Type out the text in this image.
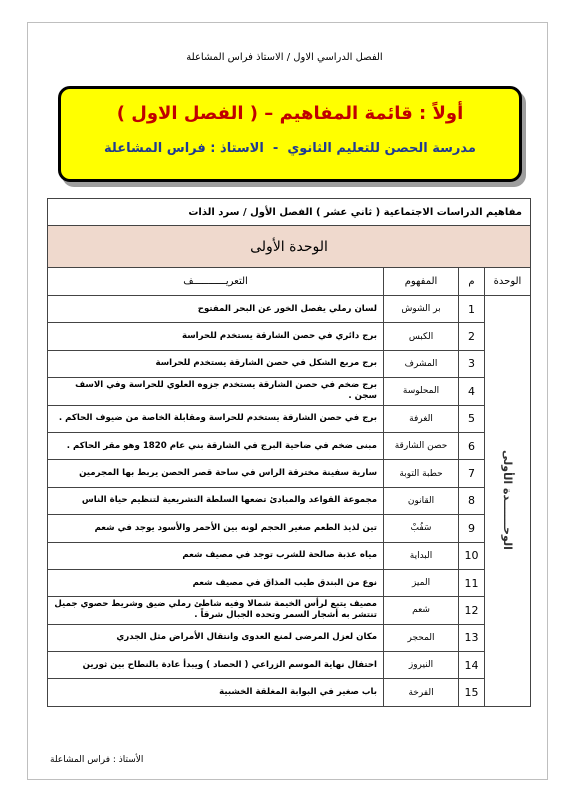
الفصل الدراسي الاول / الاستاذ فراس المشاعلة
أولاً : قائمة المفاهيم – ( الفصل الاول )
مدرسة الحصن للتعليم الثانوي  -  الاستاذ : فراس المشاعلة
مفاهيم الدراسات الاجتماعية ( ثاني عشر ) الفصل الأول / سرد الذات			
الوحدة الأولى			
الوحدة	م	المفهوم	التعريـــــــــــف
الوحـــــــدة الأولى	1	بر الشوش	لسان رملي يفصل الخور عن البحر المفتوح
	2	الكبس	برج دائري في حصن الشارقة يستخدم للحراسة
	3	المشرف	برج مربع الشكل في حصن الشارقة يستخدم للحراسة
	4	المحلوسة	برج ضخم في حصن الشارقة يستخدم جزوه العلوي للحراسة وفي الاسف سجن .
	5	الغرفة	برج في حصن الشارقة يستخدم للحراسة ومقابلة الخاصة من ضيوف الحاكم .
	6	حصن الشارقة	مبنى ضخم في ضاحية البرج في الشارقة بني عام 1820 وهو مقر الحاكم .
	7	حطبة التوبة	سارية سفينة مخترقة الراس في ساحة قصر الحصن يربط بها المجرمين
	8	القانون	مجموعة القواعد والمبادئ تضعها السلطة التشريعية لتنظيم حياة الناس
	9	سَفُبْ	تين لذيذ الطعم صغير الحجم لونه بين الأحمر والأسود يوجد في شعم
	10	البداية	مياه عذبة صالحة للشرب توجد في مصيف شعم
	11	الميز	نوع من البندق طيب المذاق في مصيف شعم
	12	شعم	مصيف يتبع لرأس الخيمة شمالا وفيه شاطئ رملي ضيق وشريط حصوي جميل تنتشر به أشجار السمر وتحده الجبال شرقاً .
	13	المحجر	مكان لعزل المرضى لمنع العدوى وانتقال الأمراض مثل الجدري
	14	النيروز	احتفال نهاية الموسم الزراعي ( الحصاد ) ويبدأ عادة بالنطاح بين ثورين
	15	الفرخة	باب صغير في البوابة المغلقة الخشبية
الأستاذ : فراس المشاعلة
